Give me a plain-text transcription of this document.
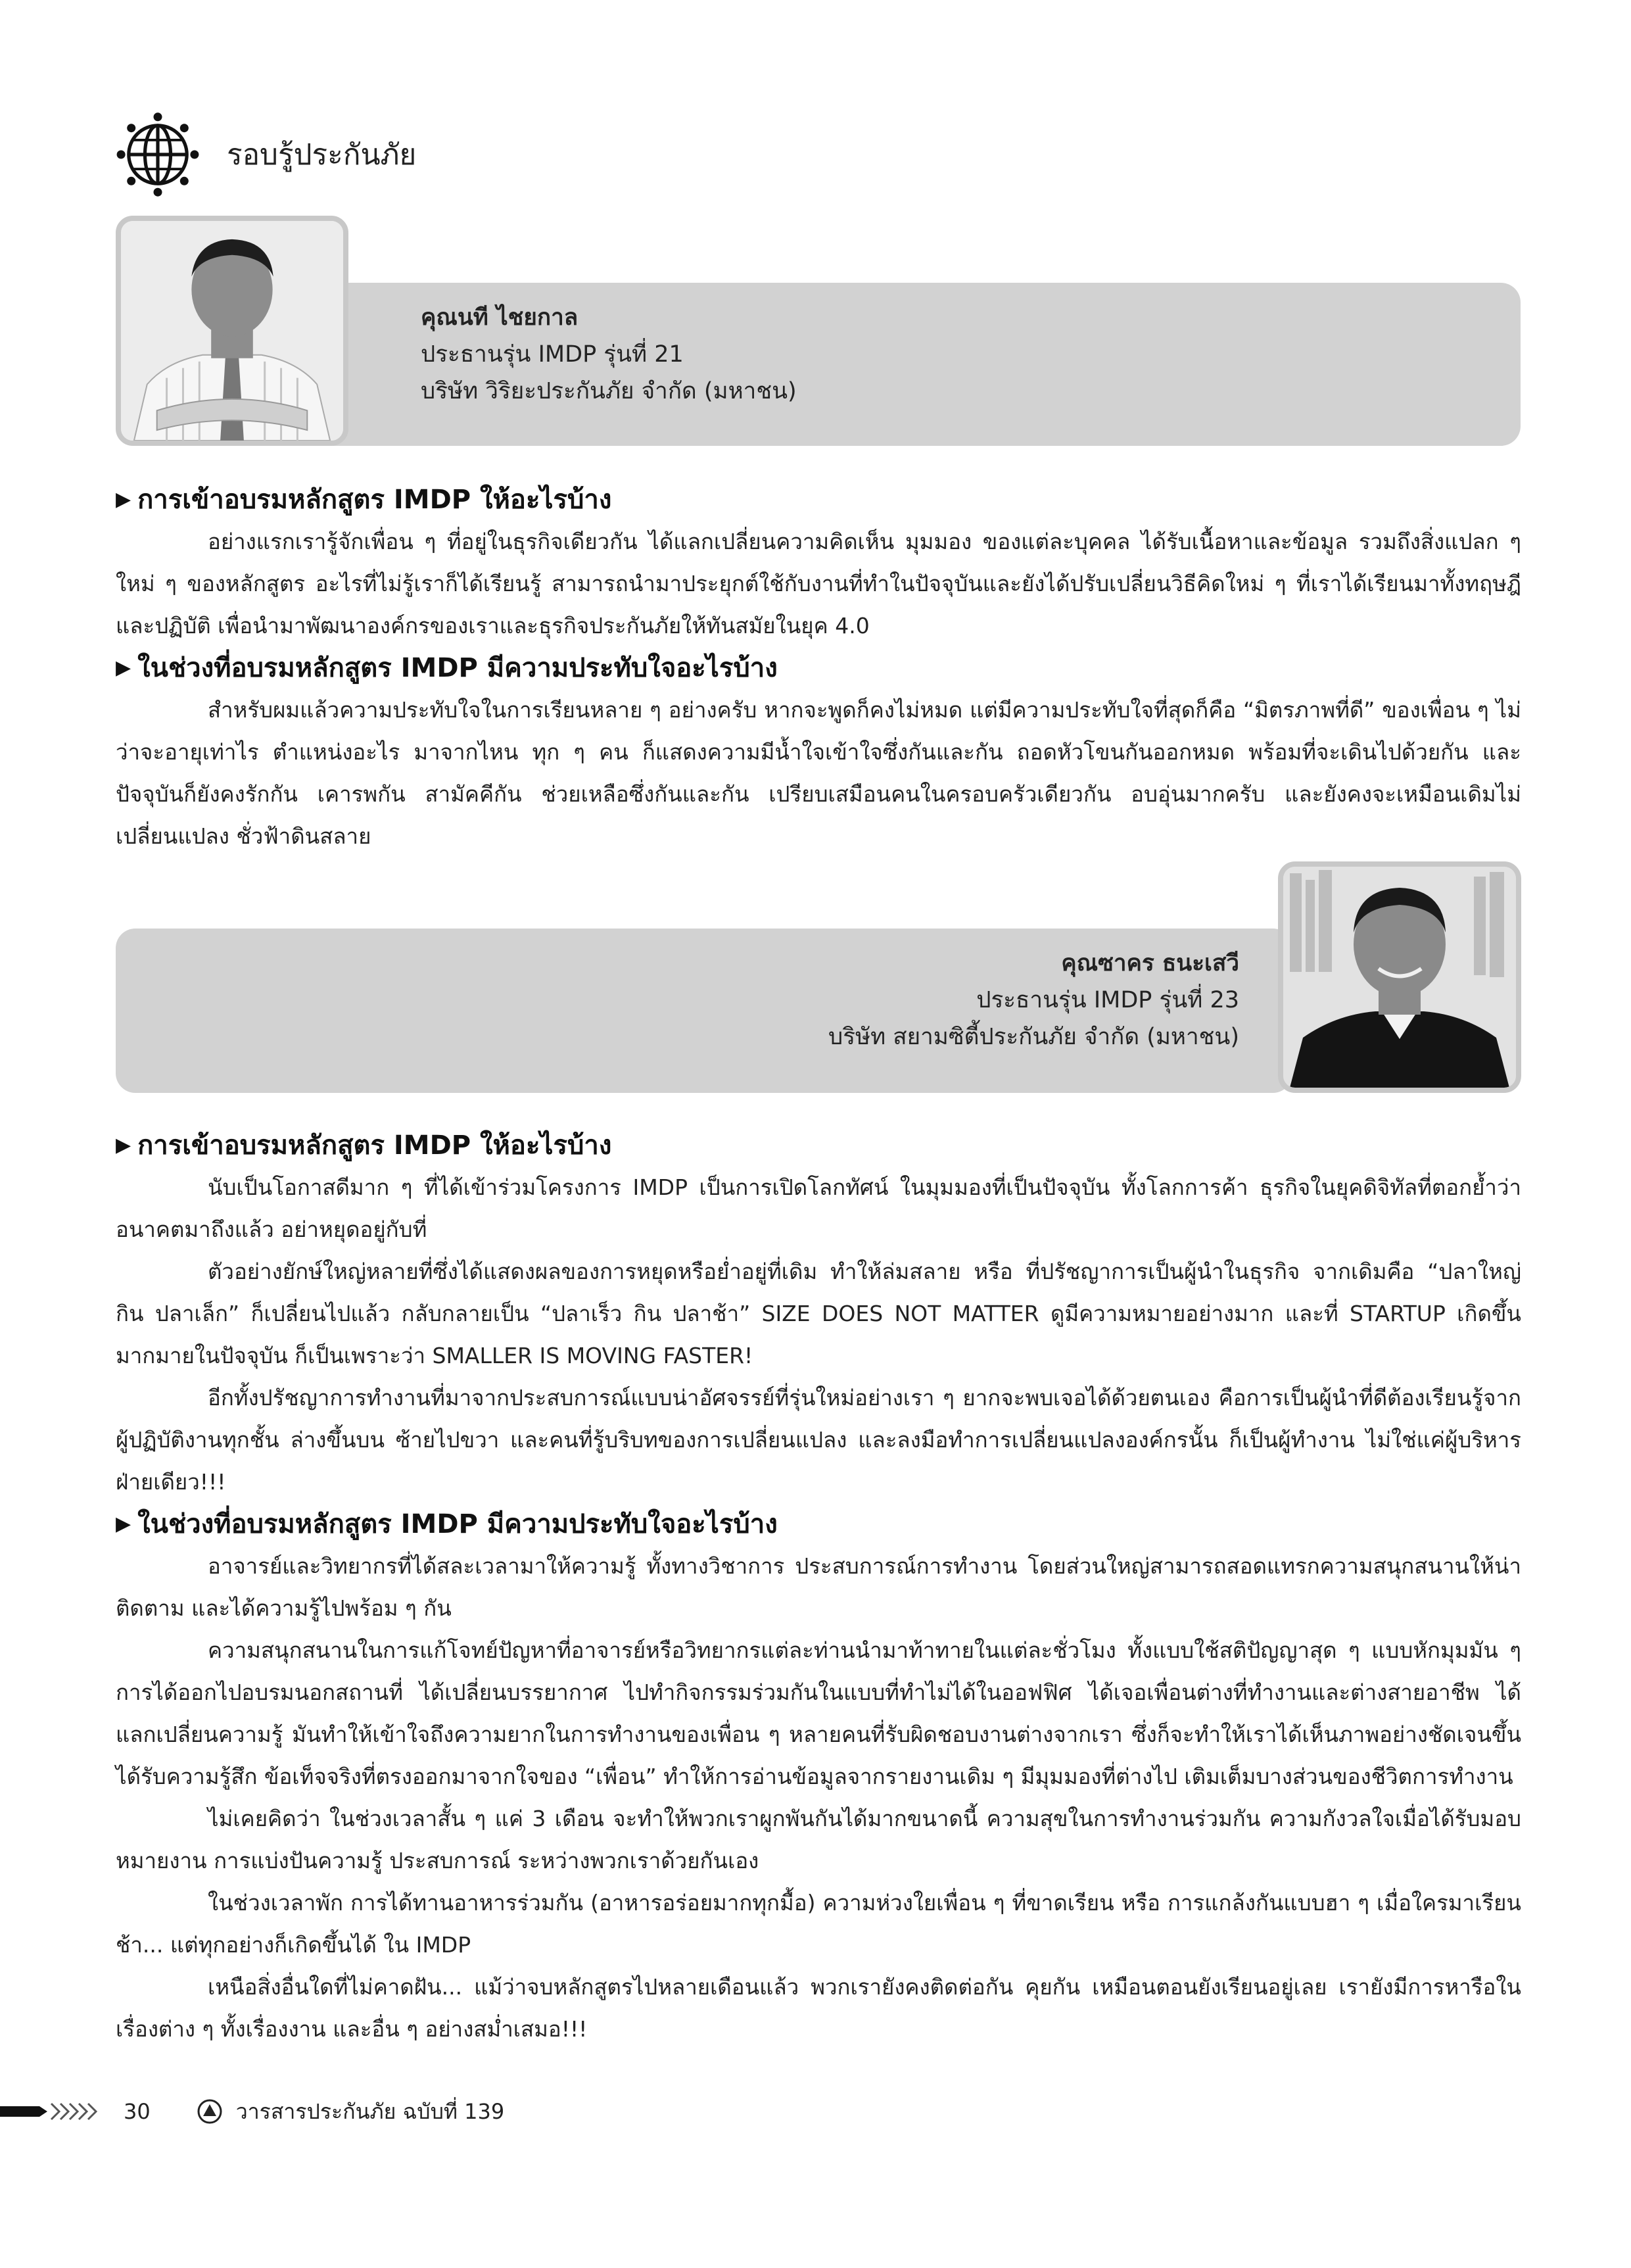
รอบรู้ประกันภัย
คุณนที ไชยกาล
ประธานรุ่น IMDP รุ่นที่ 21
บริษัท วิริยะประกันภัย จำกัด (มหาชน)

▶ การเข้าอบรมหลักสูตร IMDP ให้อะไรบ้าง

อย่างแรกเรารู้จักเพื่อน ๆ ที่อยู่ในธุรกิจเดียวกัน ได้แลกเปลี่ยนความคิดเห็น มุมมอง ของแต่ละบุคคล ได้รับเนื้อหาและข้อมูล รวมถึงสิ่งแปลก ๆ ใหม่ ๆ ของหลักสูตร อะไรที่ไม่รู้เราก็ได้เรียนรู้ สามารถนำมาประยุกต์ใช้กับงานที่ทำในปัจจุบันและยังได้ปรับเปลี่ยนวิธีคิดใหม่ ๆ ที่เราได้เรียนมาทั้งทฤษฎีและปฏิบัติ เพื่อนำมาพัฒนาองค์กรของเราและธุรกิจประกันภัยให้ทันสมัยในยุค 4.0

▶ ในช่วงที่อบรมหลักสูตร IMDP มีความประทับใจอะไรบ้าง

สำหรับผมแล้วความประทับใจในการเรียนหลาย ๆ อย่างครับ หากจะพูดก็คงไม่หมด แต่มีความประทับใจที่สุดก็คือ “มิตรภาพที่ดี” ของเพื่อน ๆ ไม่ว่าจะอายุเท่าไร ตำแหน่งอะไร มาจากไหน ทุก ๆ คน ก็แสดงความมีน้ำใจเข้าใจซึ่งกันและกัน ถอดหัวโขนกันออกหมด พร้อมที่จะเดินไปด้วยกัน และปัจจุบันก็ยังคงรักกัน เคารพกัน สามัคคีกัน ช่วยเหลือซึ่งกันและกัน เปรียบเสมือนคนในครอบครัวเดียวกัน อบอุ่นมากครับ และยังคงจะเหมือนเดิมไม่เปลี่ยนแปลง ชั่วฟ้าดินสลาย

คุณซาคร ธนะเสวี
ประธานรุ่น IMDP รุ่นที่ 23
บริษัท สยามซิตี้ประกันภัย จำกัด (มหาชน)

▶ การเข้าอบรมหลักสูตร IMDP ให้อะไรบ้าง

นับเป็นโอกาสดีมาก ๆ ที่ได้เข้าร่วมโครงการ IMDP เป็นการเปิดโลกทัศน์ ในมุมมองที่เป็นปัจจุบัน ทั้งโลกการค้า ธุรกิจในยุคดิจิทัลที่ตอกย้ำว่าอนาคตมาถึงแล้ว อย่าหยุดอยู่กับที่

ตัวอย่างยักษ์ใหญ่หลายที่ซึ่งได้แสดงผลของการหยุดหรือย่ำอยู่ที่เดิม ทำให้ล่มสลาย หรือ ที่ปรัชญาการเป็นผู้นำในธุรกิจ จากเดิมคือ “ปลาใหญ่ กิน ปลาเล็ก” ก็เปลี่ยนไปแล้ว กลับกลายเป็น “ปลาเร็ว กิน ปลาช้า” SIZE DOES NOT MATTER ดูมีความหมายอย่างมาก และที่ STARTUP เกิดขึ้นมากมายในปัจจุบัน ก็เป็นเพราะว่า SMALLER IS MOVING FASTER!

อีกทั้งปรัชญาการทำงานที่มาจากประสบการณ์แบบน่าอัศจรรย์ที่รุ่นใหม่อย่างเรา ๆ ยากจะพบเจอได้ด้วยตนเอง คือการเป็นผู้นำที่ดีต้องเรียนรู้จากผู้ปฏิบัติงานทุกชั้น ล่างขึ้นบน ซ้ายไปขวา และคนที่รู้บริบทของการเปลี่ยนแปลง และลงมือทำการเปลี่ยนแปลงองค์กรนั้น ก็เป็นผู้ทำงาน ไม่ใช่แค่ผู้บริหารฝ่ายเดียว!!!

▶ ในช่วงที่อบรมหลักสูตร IMDP มีความประทับใจอะไรบ้าง

อาจารย์และวิทยากรที่ได้สละเวลามาให้ความรู้ ทั้งทางวิชาการ ประสบการณ์การทำงาน โดยส่วนใหญ่สามารถสอดแทรกความสนุกสนานให้น่าติดตาม และได้ความรู้ไปพร้อม ๆ กัน

ความสนุกสนานในการแก้โจทย์ปัญหาที่อาจารย์หรือวิทยากรแต่ละท่านนำมาท้าทายในแต่ละชั่วโมง ทั้งแบบใช้สติปัญญาสุด ๆ แบบหักมุมมัน ๆ การได้ออกไปอบรมนอกสถานที่ ได้เปลี่ยนบรรยากาศ ไปทำกิจกรรมร่วมกันในแบบที่ทำไม่ได้ในออฟฟิศ ได้เจอเพื่อนต่างที่ทำงานและต่างสายอาชีพ ได้แลกเปลี่ยนความรู้ มันทำให้เข้าใจถึงความยากในการทำงานของเพื่อน ๆ หลายคนที่รับผิดชอบงานต่างจากเรา ซึ่งก็จะทำให้เราได้เห็นภาพอย่างชัดเจนขึ้น ได้รับความรู้สึก ข้อเท็จจริงที่ตรงออกมาจากใจของ “เพื่อน” ทำให้การอ่านข้อมูลจากรายงานเดิม ๆ มีมุมมองที่ต่างไป เติมเต็มบางส่วนของชีวิตการทำงาน

ไม่เคยคิดว่า ในช่วงเวลาสั้น ๆ แค่ 3 เดือน จะทำให้พวกเราผูกพันกันได้มากขนาดนี้ ความสุขในการทำงานร่วมกัน ความกังวลใจเมื่อได้รับมอบหมายงาน การแบ่งปันความรู้ ประสบการณ์ ระหว่างพวกเราด้วยกันเอง

ในช่วงเวลาพัก การได้ทานอาหารร่วมกัน (อาหารอร่อยมากทุกมื้อ) ความห่วงใยเพื่อน ๆ ที่ขาดเรียน หรือ การแกล้งกันแบบฮา ๆ เมื่อใครมาเรียนช้า... แต่ทุกอย่างก็เกิดขึ้นได้ ใน IMDP

เหนือสิ่งอื่นใดที่ไม่คาดฝัน... แม้ว่าจบหลักสูตรไปหลายเดือนแล้ว พวกเรายังคงติดต่อกัน คุยกัน เหมือนตอนยังเรียนอยู่เลย เรายังมีการหารือในเรื่องต่าง ๆ ทั้งเรื่องงาน และอื่น ๆ อย่างสม่ำเสมอ!!!

30	วารสารประกันภัย ฉบับที่ 139
